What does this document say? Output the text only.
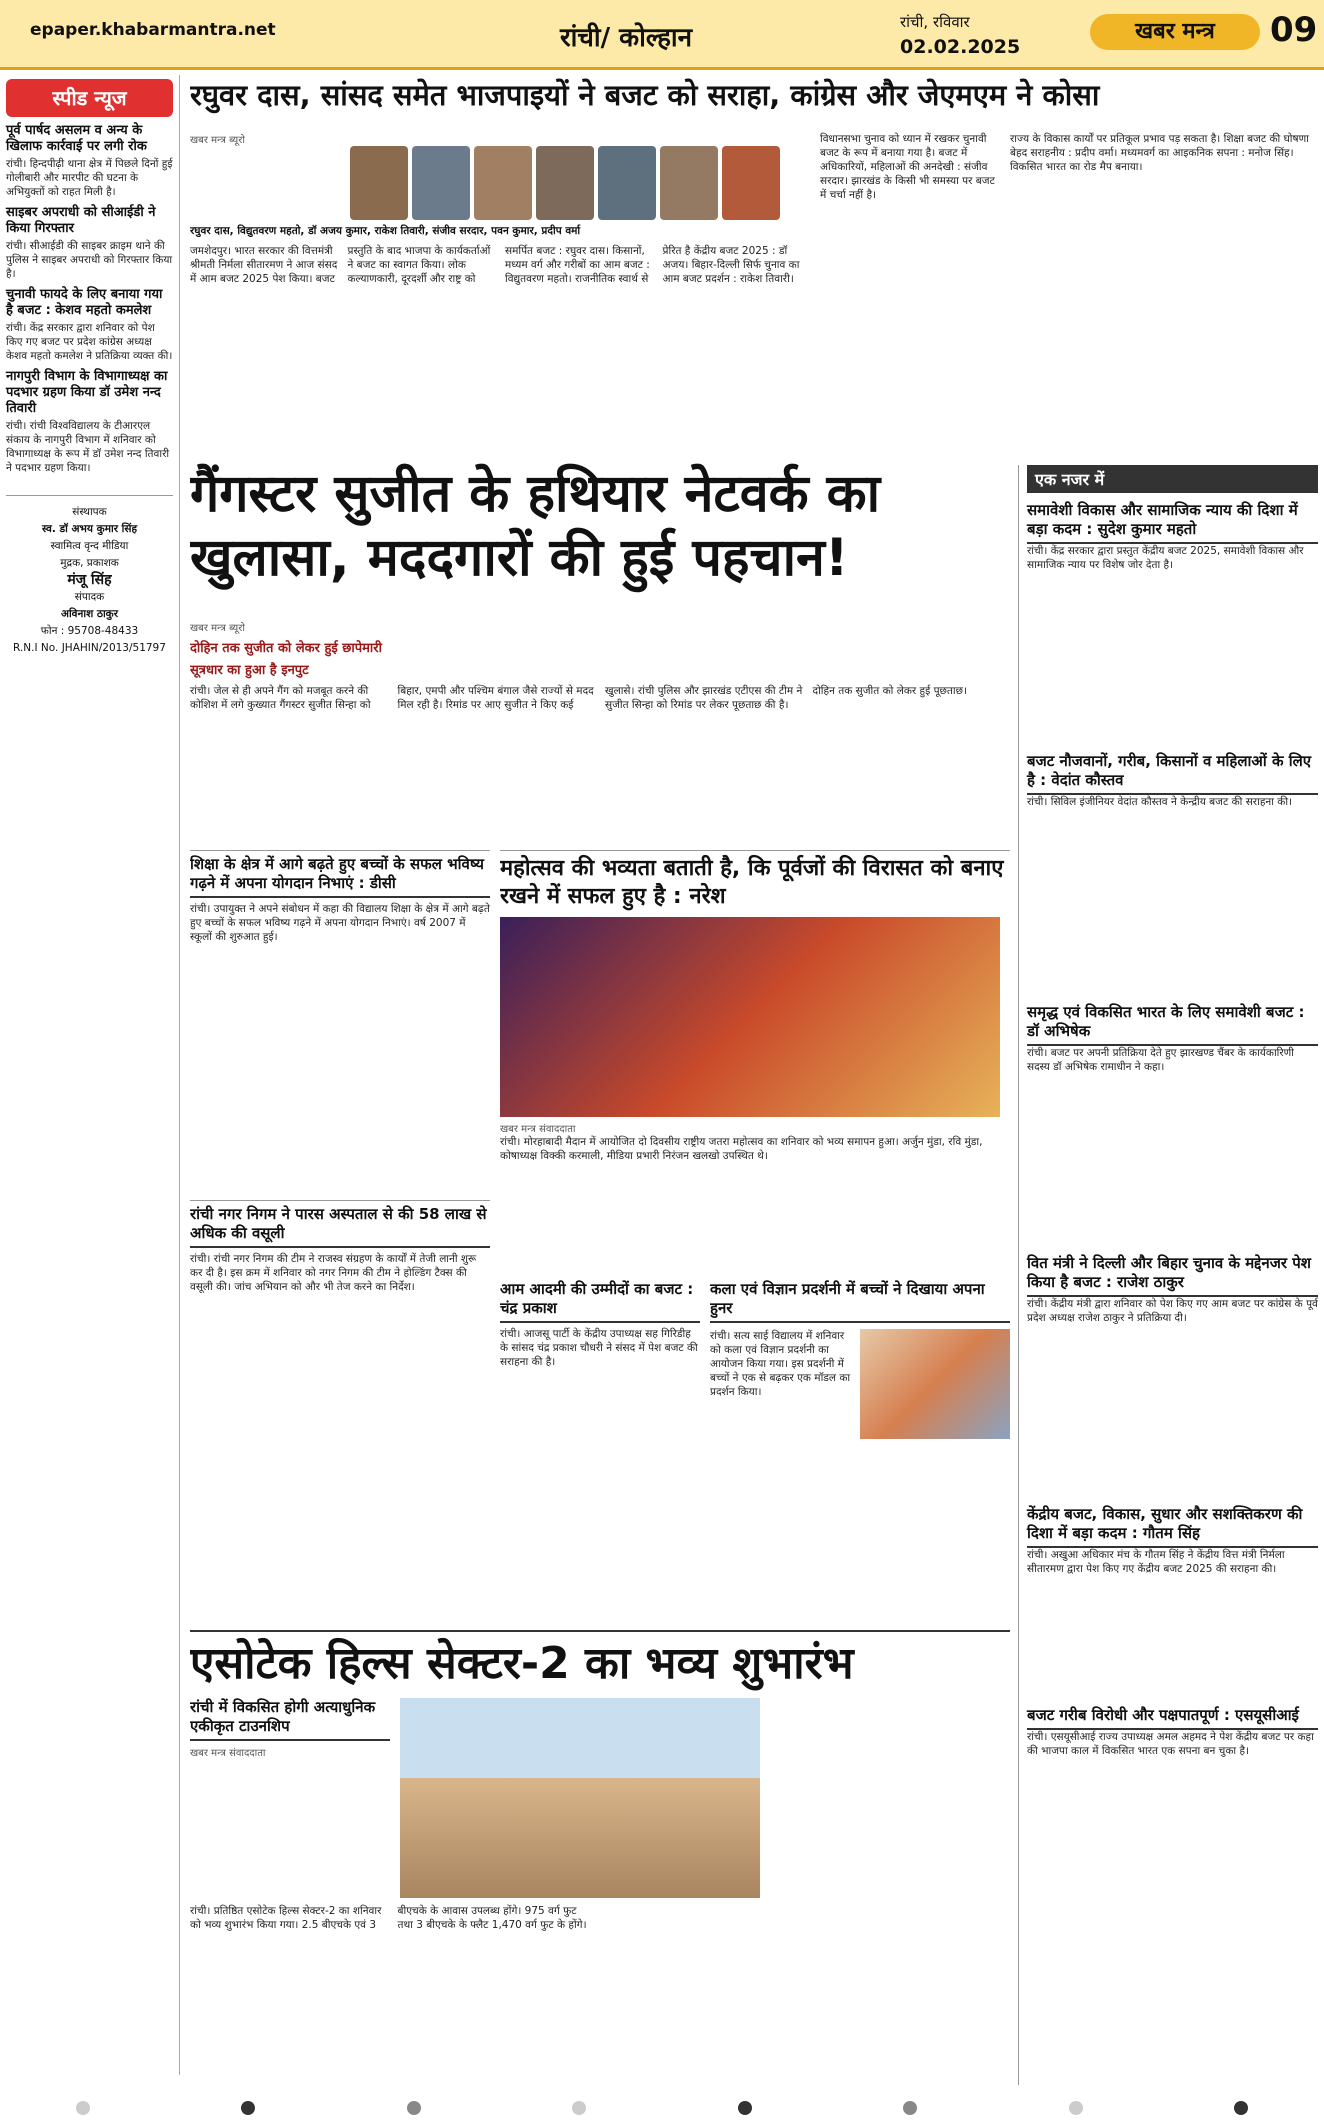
epaper.khabarmantra.net	रांची/ कोल्हान
रांची, रविवार
02.02.2025
खबर मन्त्र	09
स्पीड न्यूज
पूर्व पार्षद असलम व अन्य के खिलाफ कार्रवाई पर लगी रोक

रांची। हिन्दपीढ़ी थाना क्षेत्र में पिछले दिनों हुई गोलीबारी और मारपीट की घटना के अभियुक्तों को राहत मिली है।

साइबर अपराधी को सीआईडी ने किया गिरफ्तार

रांची। सीआईडी की साइबर क्राइम थाने की पुलिस ने साइबर अपराधी को गिरफ्तार किया है।

चुनावी फायदे के लिए बनाया गया है बजट : केशव महतो कमलेश

रांची। केंद्र सरकार द्वारा शनिवार को पेश किए गए बजट पर प्रदेश कांग्रेस अध्यक्ष केशव महतो कमलेश ने प्रतिक्रिया व्यक्त की।

नागपुरी विभाग के विभागाध्यक्ष का पदभार ग्रहण किया डॉ उमेश नन्द तिवारी

रांची। रांची विश्वविद्यालय के टीआरएल संकाय के नागपुरी विभाग में शनिवार को विभागाध्यक्ष के रूप में डॉ उमेश नन्द तिवारी ने पदभार ग्रहण किया।

संस्थापक
स्व. डॉ अभय कुमार सिंह
स्वामित्व वृन्द मीडिया
मुद्रक, प्रकाशक
मंजू सिंह
संपादक
अविनाश ठाकुर
फोन : 95708-48433
R.N.I No. JHAHIN/2013/51797
रघुवर दास, सांसद समेत भाजपाइयों ने बजट को सराहा, कांग्रेस और जेएमएम ने कोसा
खबर मन्त्र ब्यूरो
रघुवर दास, विद्युतवरण महतो, डॉ अजय कुमार, राकेश तिवारी, संजीव सरदार, पवन कुमार, प्रदीप वर्मा
जमशेदपुर। भारत सरकार की वित्तमंत्री श्रीमती निर्मला सीतारमण ने आज संसद में आम बजट 2025 पेश किया। बजट प्रस्तुति के बाद भाजपा के कार्यकर्ताओं ने बजट का स्वागत किया। लोक कल्याणकारी, दूरदर्शी और राष्ट्र को समर्पित बजट : रघुवर दास। किसानों, मध्यम वर्ग और गरीबों का आम बजट : विद्युतवरण महतो। राजनीतिक स्वार्थ से प्रेरित है केंद्रीय बजट 2025 : डॉ अजय। बिहार-दिल्ली सिर्फ चुनाव का आम बजट प्रदर्शन : राकेश तिवारी।
विधानसभा चुनाव को ध्यान में रखकर चुनावी बजट के रूप में बनाया गया है। बजट में अधिकारियों, महिलाओं की अनदेखी : संजीव सरदार। झारखंड के किसी भी समस्या पर बजट में चर्चा नहीं है।
राज्य के विकास कार्यों पर प्रतिकूल प्रभाव पड़ सकता है। शिक्षा बजट की घोषणा बेहद सराहनीय : प्रदीप वर्मा। मध्यमवर्ग का आइकनिक सपना : मनोज सिंह। विकसित भारत का रोड मैप बनाया।
गैंगस्टर सुजीत के हथियार नेटवर्क का
खुलासा, मददगारों की हुई पहचान!
खबर मन्त्र ब्यूरो
दोहिन तक सुजीत को लेकर हुई छापेमारी
सूत्रधार का हुआ है इनपुट
रांची। जेल से ही अपने गैंग को मजबूत करने की कोशिश में लगे कुख्यात गैंगस्टर सुजीत सिन्हा को बिहार, एमपी और पश्चिम बंगाल जैसे राज्यों से मदद मिल रही है। रिमांड पर आए सुजीत ने किए कई खुलासे। रांची पुलिस और झारखंड एटीएस की टीम ने सुजीत सिन्हा को रिमांड पर लेकर पूछताछ की है। दोहिन तक सुजीत को लेकर हुई पूछताछ।
एक नजर में
समावेशी विकास और सामाजिक न्याय की दिशा में बड़ा कदम : सुदेश कुमार महतो
रांची। केंद्र सरकार द्वारा प्रस्तुत केंद्रीय बजट 2025, समावेशी विकास और सामाजिक न्याय पर विशेष जोर देता है।
बजट नौजवानों, गरीब, किसानों व महिलाओं के लिए है : वेदांत कौस्तव
रांची। सिविल इंजीनियर वेदांत कौस्तव ने केन्द्रीय बजट की सराहना की।
समृद्ध एवं विकसित भारत के लिए समावेशी बजट : डॉ अभिषेक
रांची। बजट पर अपनी प्रतिक्रिया देते हुए झारखण्ड चैंबर के कार्यकारिणी सदस्य डॉ अभिषेक रामाधीन ने कहा।
वित मंत्री ने दिल्ली और बिहार चुनाव के मद्देनजर पेश किया है बजट : राजेश ठाकुर
रांची। केंद्रीय मंत्री द्वारा शनिवार को पेश किए गए आम बजट पर कांग्रेस के पूर्व प्रदेश अध्यक्ष राजेश ठाकुर ने प्रतिक्रिया दी।
केंद्रीय बजट, विकास, सुधार और सशक्तिकरण की दिशा में बड़ा कदम : गौतम सिंह
रांची। अखुआ अधिकार मंच के गौतम सिंह ने केंद्रीय वित्त मंत्री निर्मला सीतारमण द्वारा पेश किए गए केंद्रीय बजट 2025 की सराहना की।
बजट गरीब विरोधी और पक्षपातपूर्ण : एसयूसीआई
रांची। एसयूसीआई राज्य उपाध्यक्ष अमल अहमद ने पेश केंद्रीय बजट पर कहा की भाजपा काल में विकसित भारत एक सपना बन चुका है।
शिक्षा के क्षेत्र में आगे बढ़ते हुए बच्चों के सफल भविष्य गढ़ने में अपना योगदान निभाएं : डीसी
रांची। उपायुक्त ने अपने संबोधन में कहा की विद्यालय शिक्षा के क्षेत्र में आगे बढ़ते हुए बच्चों के सफल भविष्य गढ़ने में अपना योगदान निभाएं। वर्ष 2007 में स्कूलों की शुरुआत हुई।
रांची नगर निगम ने पारस अस्पताल से की 58 लाख से अधिक की वसूली
रांची। रांची नगर निगम की टीम ने राजस्व संग्रहण के कार्यों में तेजी लानी शुरू कर दी है। इस क्रम में शनिवार को नगर निगम की टीम ने होल्डिंग टैक्स की वसूली की। जांच अभियान को और भी तेज करने का निर्देश।
महोत्सव की भव्यता बताती है, कि पूर्वजों की विरासत को बनाए रखने में सफल हुए है : नरेश
खबर मन्त्र संवाददाता
रांची। मोरहाबादी मैदान में आयोजित दो दिवसीय राष्ट्रीय जतरा महोत्सव का शनिवार को भव्य समापन हुआ। अर्जुन मुंडा, रवि मुंडा, कोषाध्यक्ष विक्की करमाली, मीडिया प्रभारी निरंजन खलखो उपस्थित थे।
आम आदमी की उम्मीदों का बजट : चंद्र प्रकाश
रांची। आजसू पार्टी के केंद्रीय उपाध्यक्ष सह गिरिडीह के सांसद चंद्र प्रकाश चौधरी ने संसद में पेश बजट की सराहना की है।
कला एवं विज्ञान प्रदर्शनी में बच्चों ने दिखाया अपना हुनर
रांची। सत्य साई विद्यालय में शनिवार को कला एवं विज्ञान प्रदर्शनी का आयोजन किया गया। इस प्रदर्शनी में बच्चों ने एक से बढ़कर एक मॉडल का प्रदर्शन किया।
एसोटेक हिल्स सेक्टर-2 का भव्य शुभारंभ
रांची में विकसित होगी अत्याधुनिक एकीकृत टाउनशिप
खबर मन्त्र संवाददाता
रांची। प्रतिष्ठित एसोटेक हिल्स सेक्टर-2 का शनिवार को भव्य शुभारंभ किया गया। 2.5 बीएचके एवं 3 बीएचके के आवास उपलब्ध होंगे। 975 वर्ग फुट तथा 3 बीएचके के फ्लैट 1,470 वर्ग फुट के होंगे।
